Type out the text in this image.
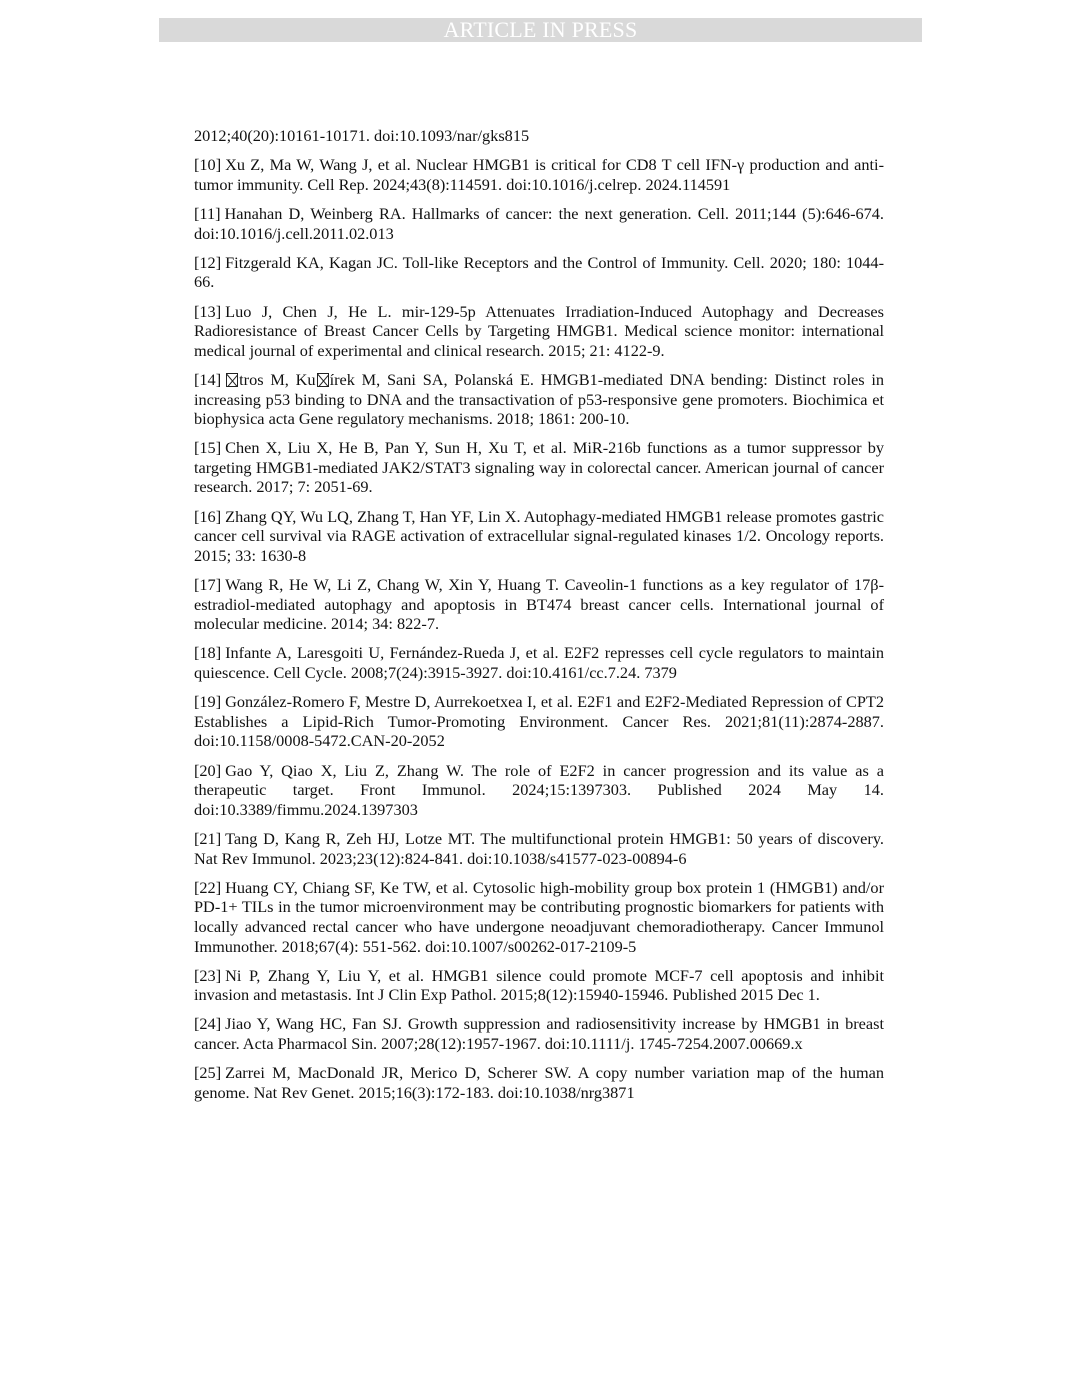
ARTICLE IN PRESS

2012;40(20):10161-10171. doi:10.1093/nar/gks815

[10] Xu Z, Ma W, Wang J, et al. Nuclear HMGB1 is critical for CD8 T cell IFN-γ production and anti-tumor immunity. Cell Rep. 2024;43(8):114591. doi:10.1016/j.celrep. 2024.114591

[11] Hanahan D, Weinberg RA. Hallmarks of cancer: the next generation. Cell. 2011;144 (5):646-674. doi:10.1016/j.cell.2011.02.013

[12] Fitzgerald KA, Kagan JC. Toll-like Receptors and the Control of Immunity. Cell. 2020; 180: 1044-66.

[13] Luo J, Chen J, He L. mir-129-5p Attenuates Irradiation-Induced Autophagy and Decreases Radioresistance of Breast Cancer Cells by Targeting HMGB1. Medical science monitor: international medical journal of experimental and clinical research. 2015; 21: 4122-9.

[14] tros M, Ku írek M, Sani SA, Polanská E. HMGB1-mediated DNA bending: Distinct roles in increasing p53 binding to DNA and the transactivation of p53-responsive gene promoters. Biochimica et biophysica acta Gene regulatory mechanisms. 2018; 1861: 200-10.

[15] Chen X, Liu X, He B, Pan Y, Sun H, Xu T, et al. MiR-216b functions as a tumor suppressor by targeting HMGB1-mediated JAK2/STAT3 signaling way in colorectal cancer. American journal of cancer research. 2017; 7: 2051-69.

[16] Zhang QY, Wu LQ, Zhang T, Han YF, Lin X. Autophagy-mediated HMGB1 release promotes gastric cancer cell survival via RAGE activation of extracellular signal-regulated kinases 1/2. Oncology reports. 2015; 33: 1630-8

[17] Wang R, He W, Li Z, Chang W, Xin Y, Huang T. Caveolin-1 functions as a key regulator of 17β-estradiol-mediated autophagy and apoptosis in BT474 breast cancer cells. International journal of molecular medicine. 2014; 34: 822-7.

[18] Infante A, Laresgoiti U, Fernández-Rueda J, et al. E2F2 represses cell cycle regulators to maintain quiescence. Cell Cycle. 2008;7(24):3915-3927. doi:10.4161/cc.7.24. 7379

[19] González-Romero F, Mestre D, Aurrekoetxea I, et al. E2F1 and E2F2-Mediated Repression of CPT2 Establishes a Lipid-Rich Tumor-Promoting Environment. Cancer Res. 2021;81(11):2874-2887. doi:10.1158/0008-5472.CAN-20-2052

[20] Gao Y, Qiao X, Liu Z, Zhang W. The role of E2F2 in cancer progression and its value as a therapeutic target. Front Immunol. 2024;15:1397303. Published 2024 May 14. doi:10.3389/fimmu.2024.1397303

[21] Tang D, Kang R, Zeh HJ, Lotze MT. The multifunctional protein HMGB1: 50 years of discovery. Nat Rev Immunol. 2023;23(12):824-841. doi:10.1038/s41577-023-00894-6

[22] Huang CY, Chiang SF, Ke TW, et al. Cytosolic high-mobility group box protein 1 (HMGB1) and/or PD-1+ TILs in the tumor microenvironment may be contributing prognostic biomarkers for patients with locally advanced rectal cancer who have undergone neoadjuvant chemoradiotherapy. Cancer Immunol Immunother. 2018;67(4): 551-562. doi:10.1007/s00262-017-2109-5

[23] Ni P, Zhang Y, Liu Y, et al. HMGB1 silence could promote MCF-7 cell apoptosis and inhibit invasion and metastasis. Int J Clin Exp Pathol. 2015;8(12):15940-15946. Published 2015 Dec 1.

[24] Jiao Y, Wang HC, Fan SJ. Growth suppression and radiosensitivity increase by HMGB1 in breast cancer. Acta Pharmacol Sin. 2007;28(12):1957-1967. doi:10.1111/j. 1745-7254.2007.00669.x

[25] Zarrei M, MacDonald JR, Merico D, Scherer SW. A copy number variation map of the human genome. Nat Rev Genet. 2015;16(3):172-183. doi:10.1038/nrg3871
